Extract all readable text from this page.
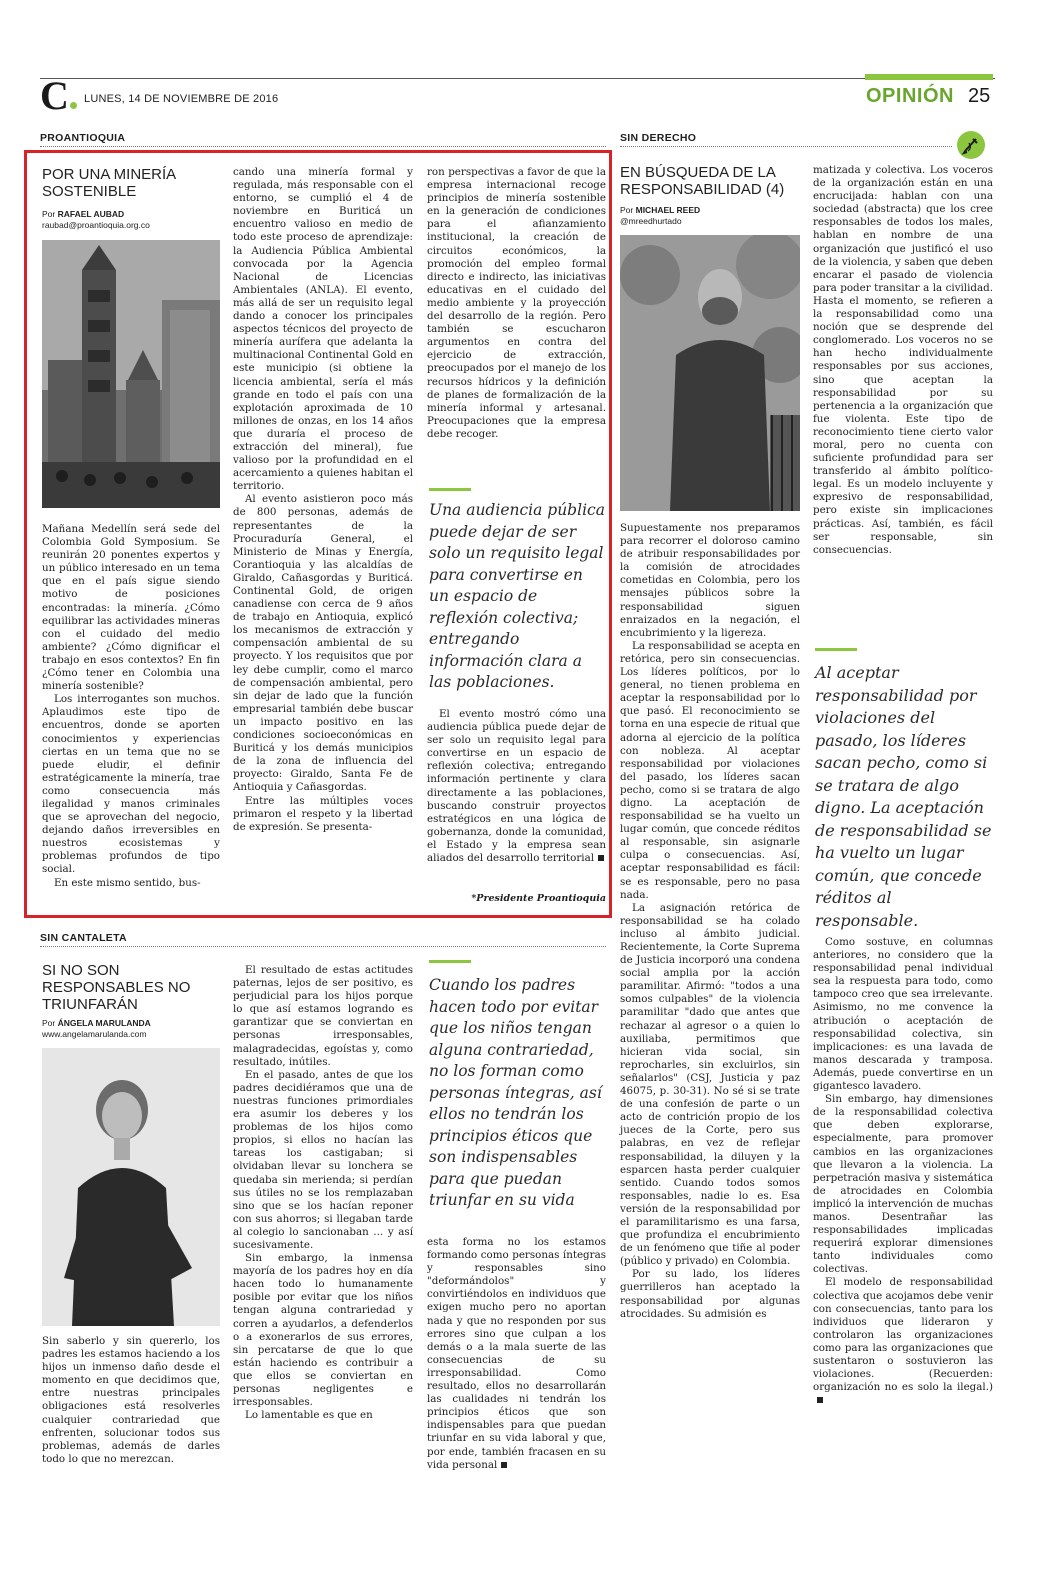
C	LUNES, 14 DE NOVIEMBRE DE 2016	OPINIÓN 25
PROANTIOQUIA	SIN DERECHO
POR UNA MINERÍA SOSTENIBLE
Por RAFAEL AUBAD
raubad@proantioquia.org.co

Mañana Medellín será sede del Colombia Gold Symposium. Se reunirán 20 ponentes expertos y un público interesado en un tema que en el país sigue siendo motivo de posiciones encontradas: la minería. ¿Cómo equilibrar las actividades mineras con el cuidado del medio ambiente? ¿Cómo dignificar el trabajo en esos contextos? En fin ¿Cómo tener en Colombia una minería sostenible?

Los interrogantes son muchos. Aplaudimos este tipo de encuentros, donde se aporten conocimientos y experiencias ciertas en un tema que no se puede eludir, el definir estratégicamente la minería, trae como consecuencia más ilegalidad y manos criminales que se aprovechan del negocio, dejando daños irreversibles en nuestros ecosistemas y problemas profundos de tipo social.

En este mismo sentido, bus-

cando una minería formal y regulada, más responsable con el entorno, se cumplió el 4 de noviembre en Buriticá un encuentro valioso en medio de todo este proceso de aprendizaje: la Audiencia Pública Ambiental convocada por la Agencia Nacional de Licencias Ambientales (ANLA). El evento, más allá de ser un requisito legal dando a conocer los principales aspectos técnicos del proyecto de minería aurífera que adelanta la multinacional Continental Gold en este municipio (si obtiene la licencia ambiental, sería el más grande en todo el país con una explotación aproximada de 10 millones de onzas, en los 14 años que duraría el proceso de extracción del mineral), fue valioso por la profundidad en el acercamiento a quienes habitan el territorio.

Al evento asistieron poco más de 800 personas, además de representantes de la Procuraduría General, el Ministerio de Minas y Energía, Corantioquia y las alcaldías de Giraldo, Cañasgordas y Buriticá. Continental Gold, de origen canadiense con cerca de 9 años de trabajo en Antioquia, explicó los mecanismos de extracción y compensación ambiental de su proyecto. Y los requisitos que por ley debe cumplir, como el marco de compensación ambiental, pero sin dejar de lado que la función empresarial también debe buscar un impacto positivo en las condiciones socioeconómicas en Buriticá y los demás municipios de la zona de influencia del proyecto: Giraldo, Santa Fe de Antioquia y Cañasgordas.

Entre las múltiples voces primaron el respeto y la libertad de expresión. Se presenta-

ron perspectivas a favor de que la empresa internacional recoge principios de minería sostenible en la generación de condiciones para el afianzamiento institucional, la creación de circuitos económicos, la promoción del empleo formal directo e indirecto, las iniciativas educativas en el cuidado del medio ambiente y la proyección del desarrollo de la región. Pero también se escucharon argumentos en contra del ejercicio de extracción, preocupados por el manejo de los recursos hídricos y la definición de planes de formalización de la minería informal y artesanal. Preocupaciones que la empresa debe recoger.

Una audiencia pública puede dejar de ser solo un requisito legal para convertirse en un espacio de reflexión colectiva; entregando información clara a las poblaciones.

El evento mostró cómo una audiencia pública puede dejar de ser solo un requisito legal para convertirse en un espacio de reflexión colectiva; entregando información pertinente y clara directamente a las poblaciones, buscando construir proyectos estratégicos en una lógica de gobernanza, donde la comunidad, el Estado y la empresa sean aliados del desarrollo territorial

*Presidente Proantioquia
SIN CANTALETA
SI NO SON RESPONSABLES NO TRIUNFARÁN
Por ÁNGELA MARULANDA
www.angelamarulanda.com

Sin saberlo y sin quererlo, los padres les estamos haciendo a los hijos un inmenso daño desde el momento en que decidimos que, entre nuestras principales obligaciones está resolverles cualquier contrariedad que enfrenten, solucionar todos sus problemas, además de darles todo lo que no merezcan.

El resultado de estas actitudes paternas, lejos de ser positivo, es perjudicial para los hijos porque lo que así estamos logrando es garantizar que se conviertan en personas irresponsables, malagradecidas, egoístas y, como resultado, inútiles.

En el pasado, antes de que los padres decidiéramos que una de nuestras funciones primordiales era asumir los deberes y los problemas de los hijos como propios, si ellos no hacían las tareas los castigaban; si olvidaban llevar su lonchera se quedaba sin merienda; si perdían sus útiles no se los remplazaban sino que se los hacían reponer con sus ahorros; si llegaban tarde al colegio lo sancionaban ... y así sucesivamente.

Sin embargo, la inmensa mayoría de los padres hoy en día hacen todo lo humanamente posible por evitar que los niños tengan alguna contrariedad y corren a ayudarlos, a defenderlos o a exonerarlos de sus errores, sin percatarse de que lo que están haciendo es contribuir a que ellos se conviertan en personas negligentes e irresponsables.

Lo lamentable es que en

Cuando los padres hacen todo por evitar que los niños tengan alguna contrariedad, no los forman como personas íntegras, así ellos no tendrán los principios éticos que son indispensables para que puedan triunfar en su vida

esta forma no los estamos formando como personas íntegras y responsables sino "deformándolos" y convirtiéndolos en individuos que exigen mucho pero no aportan nada y que no responden por sus errores sino que culpan a los demás o a la mala suerte de las consecuencias de su irresponsabilidad. Como resultado, ellos no desarrollarán las cualidades ni tendrán los principios éticos que son indispensables para que puedan triunfar en su vida laboral y que, por ende, también fracasen en su vida personal

EN BÚSQUEDA DE LA RESPONSABILIDAD (4)
Por MICHAEL REED
@mreedhurtado

Supuestamente nos preparamos para recorrer el doloroso camino de atribuir responsabilidades por la comisión de atrocidades cometidas en Colombia, pero los mensajes públicos sobre la responsabilidad siguen enraizados en la negación, el encubrimiento y la ligereza.

La responsabilidad se acepta en retórica, pero sin consecuencias. Los líderes políticos, por lo general, no tienen problema en aceptar la responsabilidad por lo que pasó. El reconocimiento se torna en una especie de ritual que adorna al ejercicio de la política con nobleza. Al aceptar responsabilidad por violaciones del pasado, los líderes sacan pecho, como si se tratara de algo digno. La aceptación de responsabilidad se ha vuelto un lugar común, que concede réditos al responsable, sin asignarle culpa o consecuencias. Así, aceptar responsabilidad es fácil: se es responsable, pero no pasa nada.

La asignación retórica de responsabilidad se ha colado incluso al ámbito judicial. Recientemente, la Corte Suprema de Justicia incorporó una condena social amplia por la acción paramilitar. Afirmó: "todos a una somos culpables" de la violencia paramilitar "dado que antes que rechazar al agresor o a quien lo auxiliaba, permitimos que hicieran vida social, sin reprocharles, sin excluirlos, sin señalarlos" (CSJ, Justicia y paz 46075, p. 30-31). No sé si se trate de una confesión de parte o un acto de contrición propio de los jueces de la Corte, pero sus palabras, en vez de reflejar responsabilidad, la diluyen y la esparcen hasta perder cualquier sentido. Cuando todos somos responsables, nadie lo es. Esa versión de la responsabilidad por el paramilitarismo es una farsa, que profundiza el encubrimiento de un fenómeno que tiñe al poder (público y privado) en Colombia.

Por su lado, los líderes guerrilleros han aceptado la responsabilidad por algunas atrocidades. Su admisión es

matizada y colectiva. Los voceros de la organización están en una encrucijada: hablan con una sociedad (abstracta) que los cree responsables de todos los males, hablan en nombre de una organización que justificó el uso de la violencia, y saben que deben encarar el pasado de violencia para poder transitar a la civilidad. Hasta el momento, se refieren a la responsabilidad como una noción que se desprende del conglomerado. Los voceros no se han hecho individualmente responsables por sus acciones, sino que aceptan la responsabilidad por su pertenencia a la organización que fue violenta. Este tipo de reconocimiento tiene cierto valor moral, pero no cuenta con suficiente profundidad para ser transferido al ámbito político-legal. Es un modelo incluyente y expresivo de responsabilidad, pero existe sin implicaciones prácticas. Así, también, es fácil ser responsable, sin consecuencias.

Al aceptar responsabilidad por violaciones del pasado, los líderes sacan pecho, como si se tratara de algo digno. La aceptación de responsabilidad se ha vuelto un lugar común, que concede réditos al responsable.

Como sostuve, en columnas anteriores, no considero que la responsabilidad penal individual sea la respuesta para todo, como tampoco creo que sea irrelevante. Asimismo, no me convence la atribución o aceptación de responsabilidad colectiva, sin implicaciones: es una lavada de manos descarada y tramposa. Además, puede convertirse en un gigantesco lavadero.

Sin embargo, hay dimensiones de la responsabilidad colectiva que deben explorarse, especialmente, para promover cambios en las organizaciones que llevaron a la violencia. La perpetración masiva y sistemática de atrocidades en Colombia implicó la intervención de muchas manos. Desentrañar las responsabilidades implicadas requerirá explorar dimensiones tanto individuales como colectivas.

El modelo de responsabilidad colectiva que acojamos debe venir con consecuencias, tanto para los individuos que lideraron y controlaron las organizaciones como para las organizaciones que sustentaron o sostuvieron las violaciones. (Recuerden: organización no es solo la ilegal.)
